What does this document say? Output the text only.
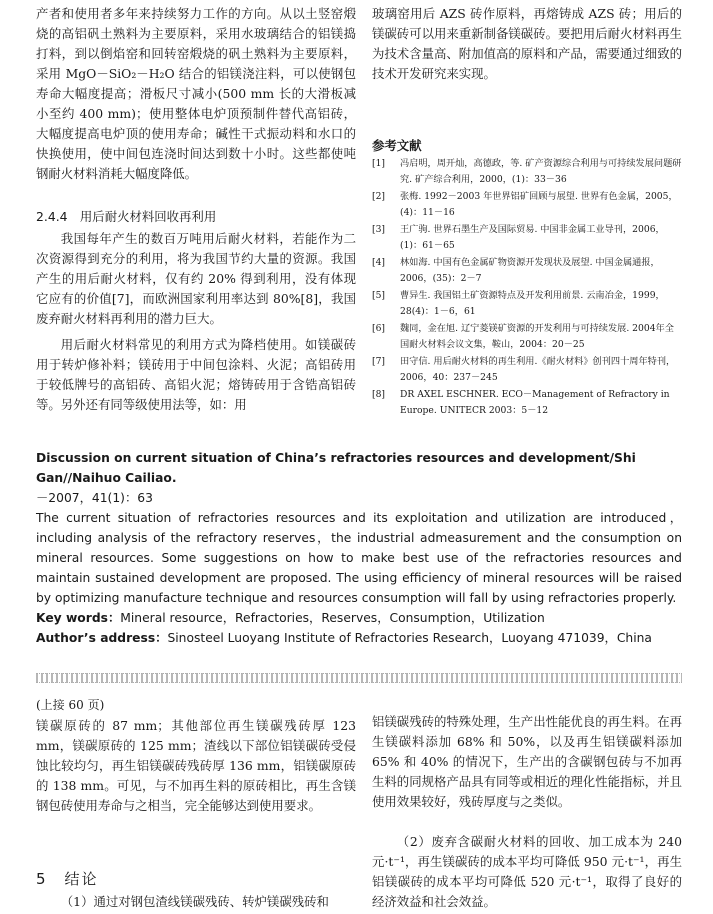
产者和使用者多年来持续努力工作的方向。从以土竖窑煅烧的高铝矾土熟料为主要原料，采用水玻璃结合的铝镁捣打料，到以倒焰窑和回转窑煅烧的矾土熟料为主要原料，采用 MgO－SiO₂－H₂O 结合的铝镁浇注料，可以使钢包寿命大幅度提高；滑板尺寸减小(500 mm 长的大滑板减小至约 400 mm)；使用整体电炉顶预制件替代高铝砖，大幅度提高电炉顶的使用寿命；碱性干式振动料和水口的快换使用，使中间包连浇时间达到数十小时。这些都使吨钢耐火材料消耗大幅度降低。

2.4.4　用后耐火材料回收再利用

我国每年产生的数百万吨用后耐火材料，若能作为二次资源得到充分的利用，将为我国节约大量的资源。我国产生的用后耐火材料，仅有约 20% 得到利用，没有体现它应有的价值[7]，而欧洲国家利用率达到 80%[8]，我国废弃耐火材料再利用的潜力巨大。

用后耐火材料常见的利用方式为降档使用。如镁碳砖用于转炉修补料；镁砖用于中间包涂料、火泥；高铝砖用于较低牌号的高铝砖、高铝火泥；熔铸砖用于含锆高铝砖等。另外还有同等级使用法等，如：用

玻璃窑用后 AZS 砖作原料，再熔铸成 AZS 砖；用后的镁碳砖可以用来重新制备镁碳砖。要把用后耐火材料再生为技术含量高、附加值高的原料和产品，需要通过细致的技术开发研究来实现。

参考文献

[1]	冯启明，周开灿，高德政，等. 矿产资源综合利用与可持续发展问题研究. 矿产综合利用，2000，(1)：33－36
[2]	张梅. 1992－2003 年世界铝矿回顾与展望. 世界有色金属，2005，(4)：11－16
[3]	王广驹. 世界石墨生产及国际贸易. 中国非金属工业导刊，2006，(1)：61－65
[4]	林如海. 中国有色金属矿物资源开发现状及展望. 中国金属通报，2006，(35)：2－7
[5]	曹异生. 我国铝土矿资源特点及开发利用前景. 云南冶金，1999，28(4)：1－6，61
[6]	魏同，金在旭. 辽宁菱镁矿资源的开发利用与可持续发展. 2004年全国耐火材料会议文集，鞍山，2004：20－25
[7]	田守信. 用后耐火材料的再生利用.《耐火材料》创刊四十周年特刊，2006，40：237－245
[8]	DR AXEL ESCHNER. ECO－Management of Refractory in Europe. UNITECR 2003：5－12

Discussion on current situation of China’s refractories resources and development/Shi Gan//Naihuo Cailiao.

－2007，41(1)：63

The current situation of refractories resources and its exploitation and utilization are introduced，including analysis of the refractory reserves，the industrial admeasurement and the consumption on mineral resources. Some suggestions on how to make best use of the refractories resources and maintain sustained development are proposed. The using efficiency of mineral resources will be raised by optimizing manufacture technique and resources consumption will fall by using refractories properly.

Key words：Mineral resource，Refractories，Reserves，Consumption，Utilization

Author’s address：Sinosteel Luoyang Institute of Refractories Research，Luoyang 471039，China

(上接 60 页)

镁碳原砖的 87 mm；其他部位再生镁碳残砖厚 123 mm，镁碳原砖的 125 mm；渣线以下部位铝镁碳砖受侵蚀比较均匀，再生铝镁碳砖残砖厚 136 mm，铝镁碳原砖的 138 mm。可见，与不加再生料的原砖相比，再生含镁钢包砖使用寿命与之相当，完全能够达到使用要求。

5　结论

（1）通过对钢包渣线镁碳残砖、转炉镁碳残砖和

铝镁碳残砖的特殊处理，生产出性能优良的再生料。在再生镁碳料添加 68% 和 50%，以及再生铝镁碳料添加 65% 和 40% 的情况下，生产出的含碳钢包砖与不加再生料的同规格产品具有同等或相近的理化性能指标，并且使用效果较好，残砖厚度与之类似。

（2）废弃含碳耐火材料的回收、加工成本为 240 元·t⁻¹，再生镁碳砖的成本平均可降低 950 元·t⁻¹，再生铝镁碳砖的成本平均可降低 520 元·t⁻¹，取得了良好的经济效益和社会效益。
